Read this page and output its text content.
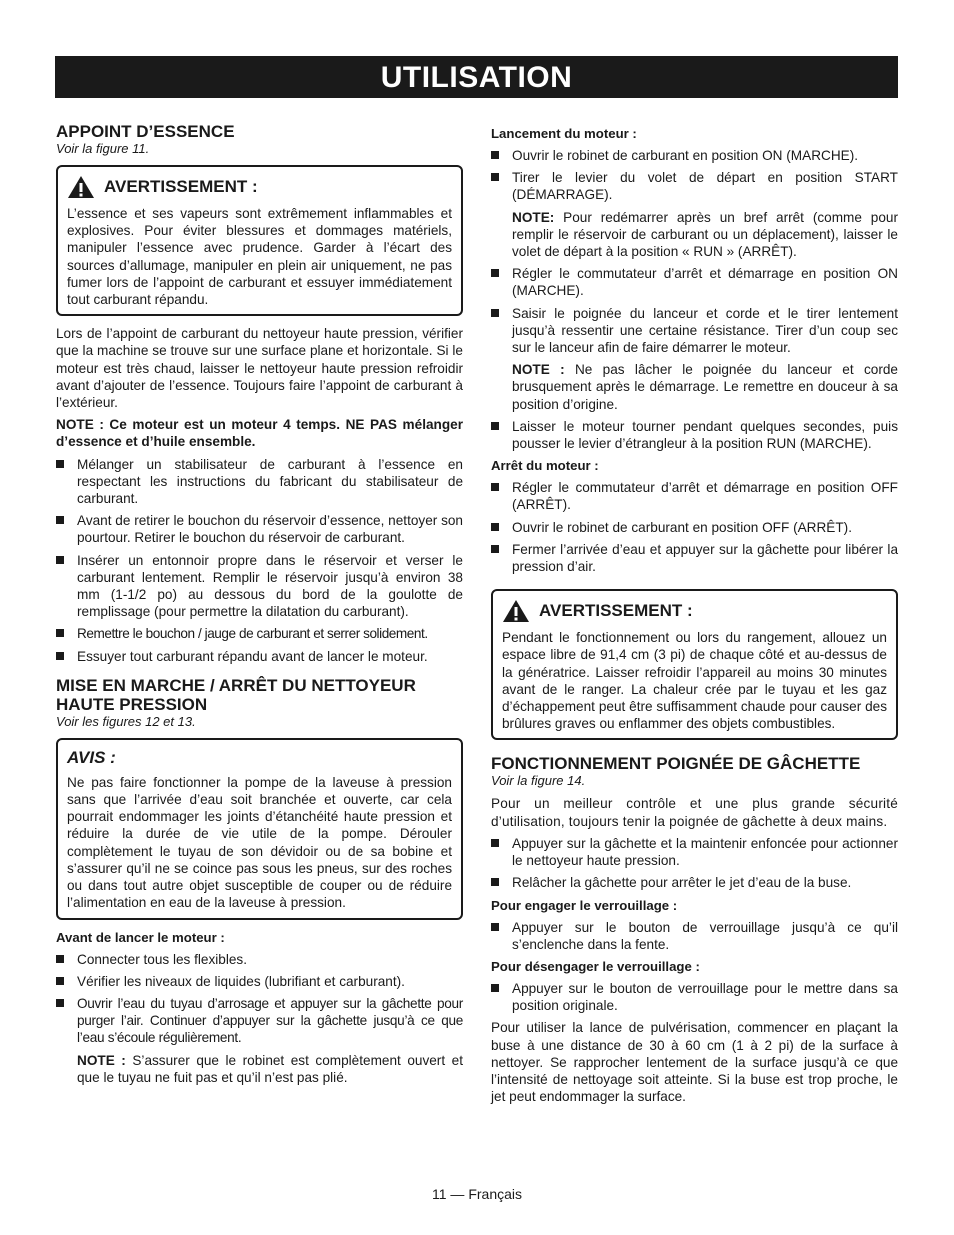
UTILISATION
APPOINT D’ESSENCE
Voir la figure 11.
AVERTISSEMENT :

L’essence et ses vapeurs sont extrêmement inflammables et explosives. Pour éviter blessures et dommages matériels, manipuler l’essence avec prudence. Garder à l’écart des sources d’allumage, manipuler en plein air uniquement, ne pas fumer lors de l’appoint de carburant et essuyer immédiatement tout carburant répandu.

Lors de l’appoint de carburant du nettoyeur haute pression, vérifier que la machine se trouve sur une surface plane et horizontale. Si le moteur est très chaud, laisser le nettoyeur haute pression refroidir avant d’ajouter de l’essence. Toujours faire l’appoint de carburant à l’extérieur.

NOTE : Ce moteur est un moteur 4 temps. NE PAS mélanger d’essence et d’huile ensemble.

Mélanger un stabilisateur de carburant à l’essence en respectant les instructions du fabricant du stabilisateur de carburant.
Avant de retirer le bouchon du réservoir d’essence, nettoyer son pourtour. Retirer le bouchon du réservoir de carburant.
Insérer un entonnoir propre dans le réservoir et verser le carburant lentement. Remplir le réservoir jusqu’à environ 38 mm (1-1/2 po) au dessous du bord de la goulotte de remplissage (pour permettre la dilatation du carburant).
Remettre le bouchon / jauge de carburant et serrer solidement.
Essuyer tout carburant répandu avant de lancer le moteur.
MISE EN MARCHE / ARRÊT DU NETTOYEUR HAUTE PRESSION
Voir les figures 12 et 13.
AVIS :

Ne pas faire fonctionner la pompe de la laveuse à pression sans que l’arrivée d’eau soit branchée et ouverte, car cela pourrait endommager les joints d’étanchéité haute pression et réduire la durée de vie utile de la pompe. Dérouler complètement le tuyau de son dévidoir ou de sa bobine et s’assurer qu’il ne se coince pas sous les pneus, sur des roches ou dans tout autre objet susceptible de couper ou de réduire l’alimentation en eau de la laveuse à pression.

Avant de lancer le moteur :
Connecter tous les flexibles.
Vérifier les niveaux de liquides (lubrifiant et carburant).
Ouvrir l’eau du tuyau d’arrosage et appuyer sur la gâchette pour purger l’air. Continuer d’appuyer sur la gâchette jusqu’à ce que l’eau s’écoule régulièrement.
NOTE : S’assurer que le robinet est complètement ouvert et que le tuyau ne fuit pas et qu’il n’est pas plié.
Lancement du moteur :
Ouvrir le robinet de carburant en position ON (MARCHE).
Tirer le levier du volet de départ en position START (DÉMARRAGE).
NOTE: Pour redémarrer après un bref arrêt (comme pour remplir le réservoir de carburant ou un déplacement), laisser le volet de départ à la position « RUN » (ARRÊT).
Régler le commutateur d’arrêt et démarrage en position ON (MARCHE).
Saisir le poignée du lanceur et corde et le tirer lentement jusqu’à ressentir une certaine résistance. Tirer d’un coup sec sur le lanceur afin de faire démarrer le moteur.
NOTE : Ne pas lâcher le poignée du lanceur et corde brusquement après le démarrage. Le remettre en douceur à sa position d’origine.
Laisser le moteur tourner pendant quelques secondes, puis pousser le levier d’étrangleur à la position RUN (MARCHE).
Arrêt du moteur :
Régler le commutateur d’arrêt et démarrage en position OFF (ARRÊT).
Ouvrir le robinet de carburant en position OFF (ARRÊT).
Fermer l’arrivée d’eau et appuyer sur la gâchette pour libérer la pression d’air.
AVERTISSEMENT :

Pendant le fonctionnement ou lors du rangement, allouez un espace libre de 91,4 cm (3 pi) de chaque côté et au-dessus de la génératrice. Laisser refroidir l’appareil au moins 30 minutes avant de le ranger. La chaleur crée par le tuyau et les gaz d’échappement peut être suffisamment chaude pour causer des brûlures graves ou enflammer des objets combustibles.

FONCTIONNEMENT POIGNÉE DE GÂCHETTE
Voir la figure 14.

Pour un meilleur contrôle et une plus grande sécurité d’utilisation, toujours tenir la poignée de gâchette à deux mains.

Appuyer sur la gâchette et la maintenir enfoncée pour actionner le nettoyeur haute pression.
Relâcher la gâchette pour arrêter le jet d’eau de la buse.
Pour engager le verrouillage :
Appuyer sur le bouton de verrouillage jusqu’à ce qu’il s’enclenche dans la fente.
Pour désengager le verrouillage :
Appuyer sur le bouton de verrouillage pour le mettre dans sa position originale.

Pour utiliser la lance de pulvérisation, commencer en plaçant la buse à une distance de 30 à 60 cm (1 à 2 pi) de la surface à nettoyer. Se rapprocher lentement de la surface jusqu’à ce que l’intensité de nettoyage soit atteinte. Si la buse est trop proche, le jet peut endommager la surface.

11 — Français
